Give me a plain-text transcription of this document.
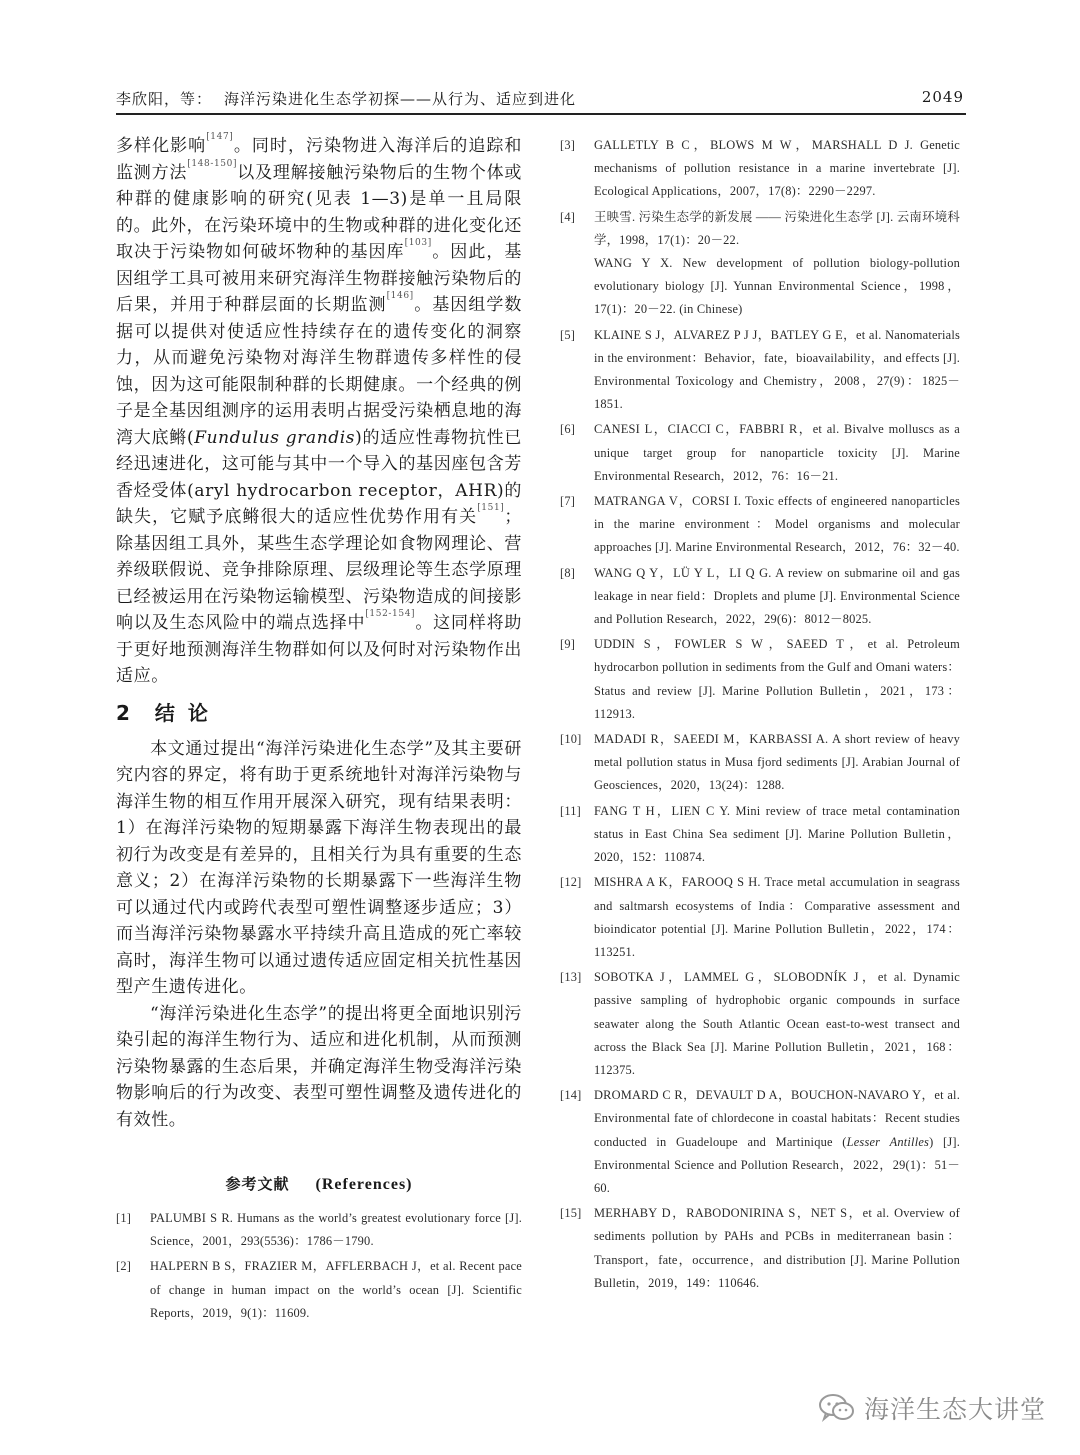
李欣阳，等： 海洋污染进化生态学初探——从行为、适应到进化	2049

多样化影响[147]。同时，污染物进入海洋后的追踪和监测方法[148-150]以及理解接触污染物后的生物个体或种群的健康影响的研究(见表 1—3)是单一且局限的。此外，在污染环境中的生物或种群的进化变化还取决于污染物如何破坏物种的基因库[103]。因此，基因组学工具可被用来研究海洋生物群接触污染物后的后果，并用于种群层面的长期监测[146]。基因组学数据可以提供对使适应性持续存在的遗传变化的洞察力，从而避免污染物对海洋生物群遗传多样性的侵蚀，因为这可能限制种群的长期健康。一个经典的例子是全基因组测序的运用表明占据受污染栖息地的海湾大底鳉(Fundulus grandis)的适应性毒物抗性已经迅速进化，这可能与其中一个导入的基因座包含芳香烃受体(aryl hydrocarbon receptor，AHR)的缺失，它赋予底鳉很大的适应性优势作用有关[151]；除基因组工具外，某些生态学理论如食物网理论、营养级联假说、竞争排除原理、层级理论等生态学原理已经被运用在污染物运输模型、污染物造成的间接影响以及生态风险中的端点选择中[152-154]。这同样将助于更好地预测海洋生物群如何以及何时对污染物作出适应。

2 结 论

本文通过提出“海洋污染进化生态学”及其主要研究内容的界定，将有助于更系统地针对海洋污染物与海洋生物的相互作用开展深入研究，现有结果表明：1）在海洋污染物的短期暴露下海洋生物表现出的最初行为改变是有差异的，且相关行为具有重要的生态意义；2）在海洋污染物的长期暴露下一些海洋生物可以通过代内或跨代表型可塑性调整逐步适应；3）而当海洋污染物暴露水平持续升高且造成的死亡率较高时，海洋生物可以通过遗传适应固定相关抗性基因型产生遗传进化。

“海洋污染进化生态学”的提出将更全面地识别污染引起的海洋生物行为、适应和进化机制，从而预测污染物暴露的生态后果，并确定海洋生物受海洋污染物影响后的行为改变、表型可塑性调整及遗传进化的有效性。

参考文献 (References)
[1] PALUMBI S R. Humans as the world’s greatest evolutionary force [J]. Science，2001，293(5536)：1786－1790.
[2] HALPERN B S，FRAZIER M，AFFLERBACH J，et al. Recent pace of change in human impact on the world’s ocean [J]. Scientific Reports，2019，9(1)：11609.
[3] GALLETLY B C，BLOWS M W，MARSHALL D J. Genetic mechanisms of pollution resistance in a marine invertebrate [J]. Ecological Applications，2007，17(8)：2290－2297.
[4] 王映雪. 污染生态学的新发展 —— 污染进化生态学 [J]. 云南环境科学，1998，17(1)：20－22.
WANG Y X. New development of pollution biology-pollution evolutionary biology [J]. Yunnan Environmental Science，1998，17(1)：20－22. (in Chinese)
[5] KLAINE S J，ALVAREZ P J J，BATLEY G E，et al. Nanomaterials in the environment：Behavior，fate，bioavailability，and effects [J]. Environmental Toxicology and Chemistry，2008，27(9)：1825－1851.
[6] CANESI L，CIACCI C，FABBRI R，et al. Bivalve molluscs as a unique target group for nanoparticle toxicity [J]. Marine Environmental Research，2012，76：16－21.
[7] MATRANGA V，CORSI I. Toxic effects of engineered nanoparticles in the marine environment：Model organisms and molecular approaches [J]. Marine Environmental Research，2012，76：32－40.
[8] WANG Q Y，LÜ Y L，LI Q G. A review on submarine oil and gas leakage in near field：Droplets and plume [J]. Environmental Science and Pollution Research，2022，29(6)：8012－8025.
[9] UDDIN S，FOWLER S W，SAEED T，et al. Petroleum hydrocarbon pollution in sediments from the Gulf and Omani waters：Status and review [J]. Marine Pollution Bulletin，2021，173：112913.
[10] MADADI R，SAEEDI M，KARBASSI A. A short review of heavy metal pollution status in Musa fjord sediments [J]. Arabian Journal of Geosciences，2020，13(24)：1288.
[11] FANG T H，LIEN C Y. Mini review of trace metal contamination status in East China Sea sediment [J]. Marine Pollution Bulletin，2020，152：110874.
[12] MISHRA A K，FAROOQ S H. Trace metal accumulation in seagrass and saltmarsh ecosystems of India：Comparative assessment and bioindicator potential [J]. Marine Pollution Bulletin，2022，174：113251.
[13] SOBOTKA J，LAMMEL G，SLOBODNÍK J，et al. Dynamic passive sampling of hydrophobic organic compounds in surface seawater along the South Atlantic Ocean east-to-west transect and across the Black Sea [J]. Marine Pollution Bulletin，2021，168：112375.
[14] DROMARD C R，DEVAULT D A，BOUCHON-NAVARO Y，et al. Environmental fate of chlordecone in coastal habitats：Recent studies conducted in Guadeloupe and Martinique (Lesser Antilles) [J]. Environmental Science and Pollution Research，2022，29(1)：51－60.
[15] MERHABY D，RABODONIRINA S，NET S，et al. Overview of sediments pollution by PAHs and PCBs in mediterranean basin：Transport，fate，occurrence，and distribution [J]. Marine Pollution Bulletin，2019，149：110646.
海洋生态大讲堂
